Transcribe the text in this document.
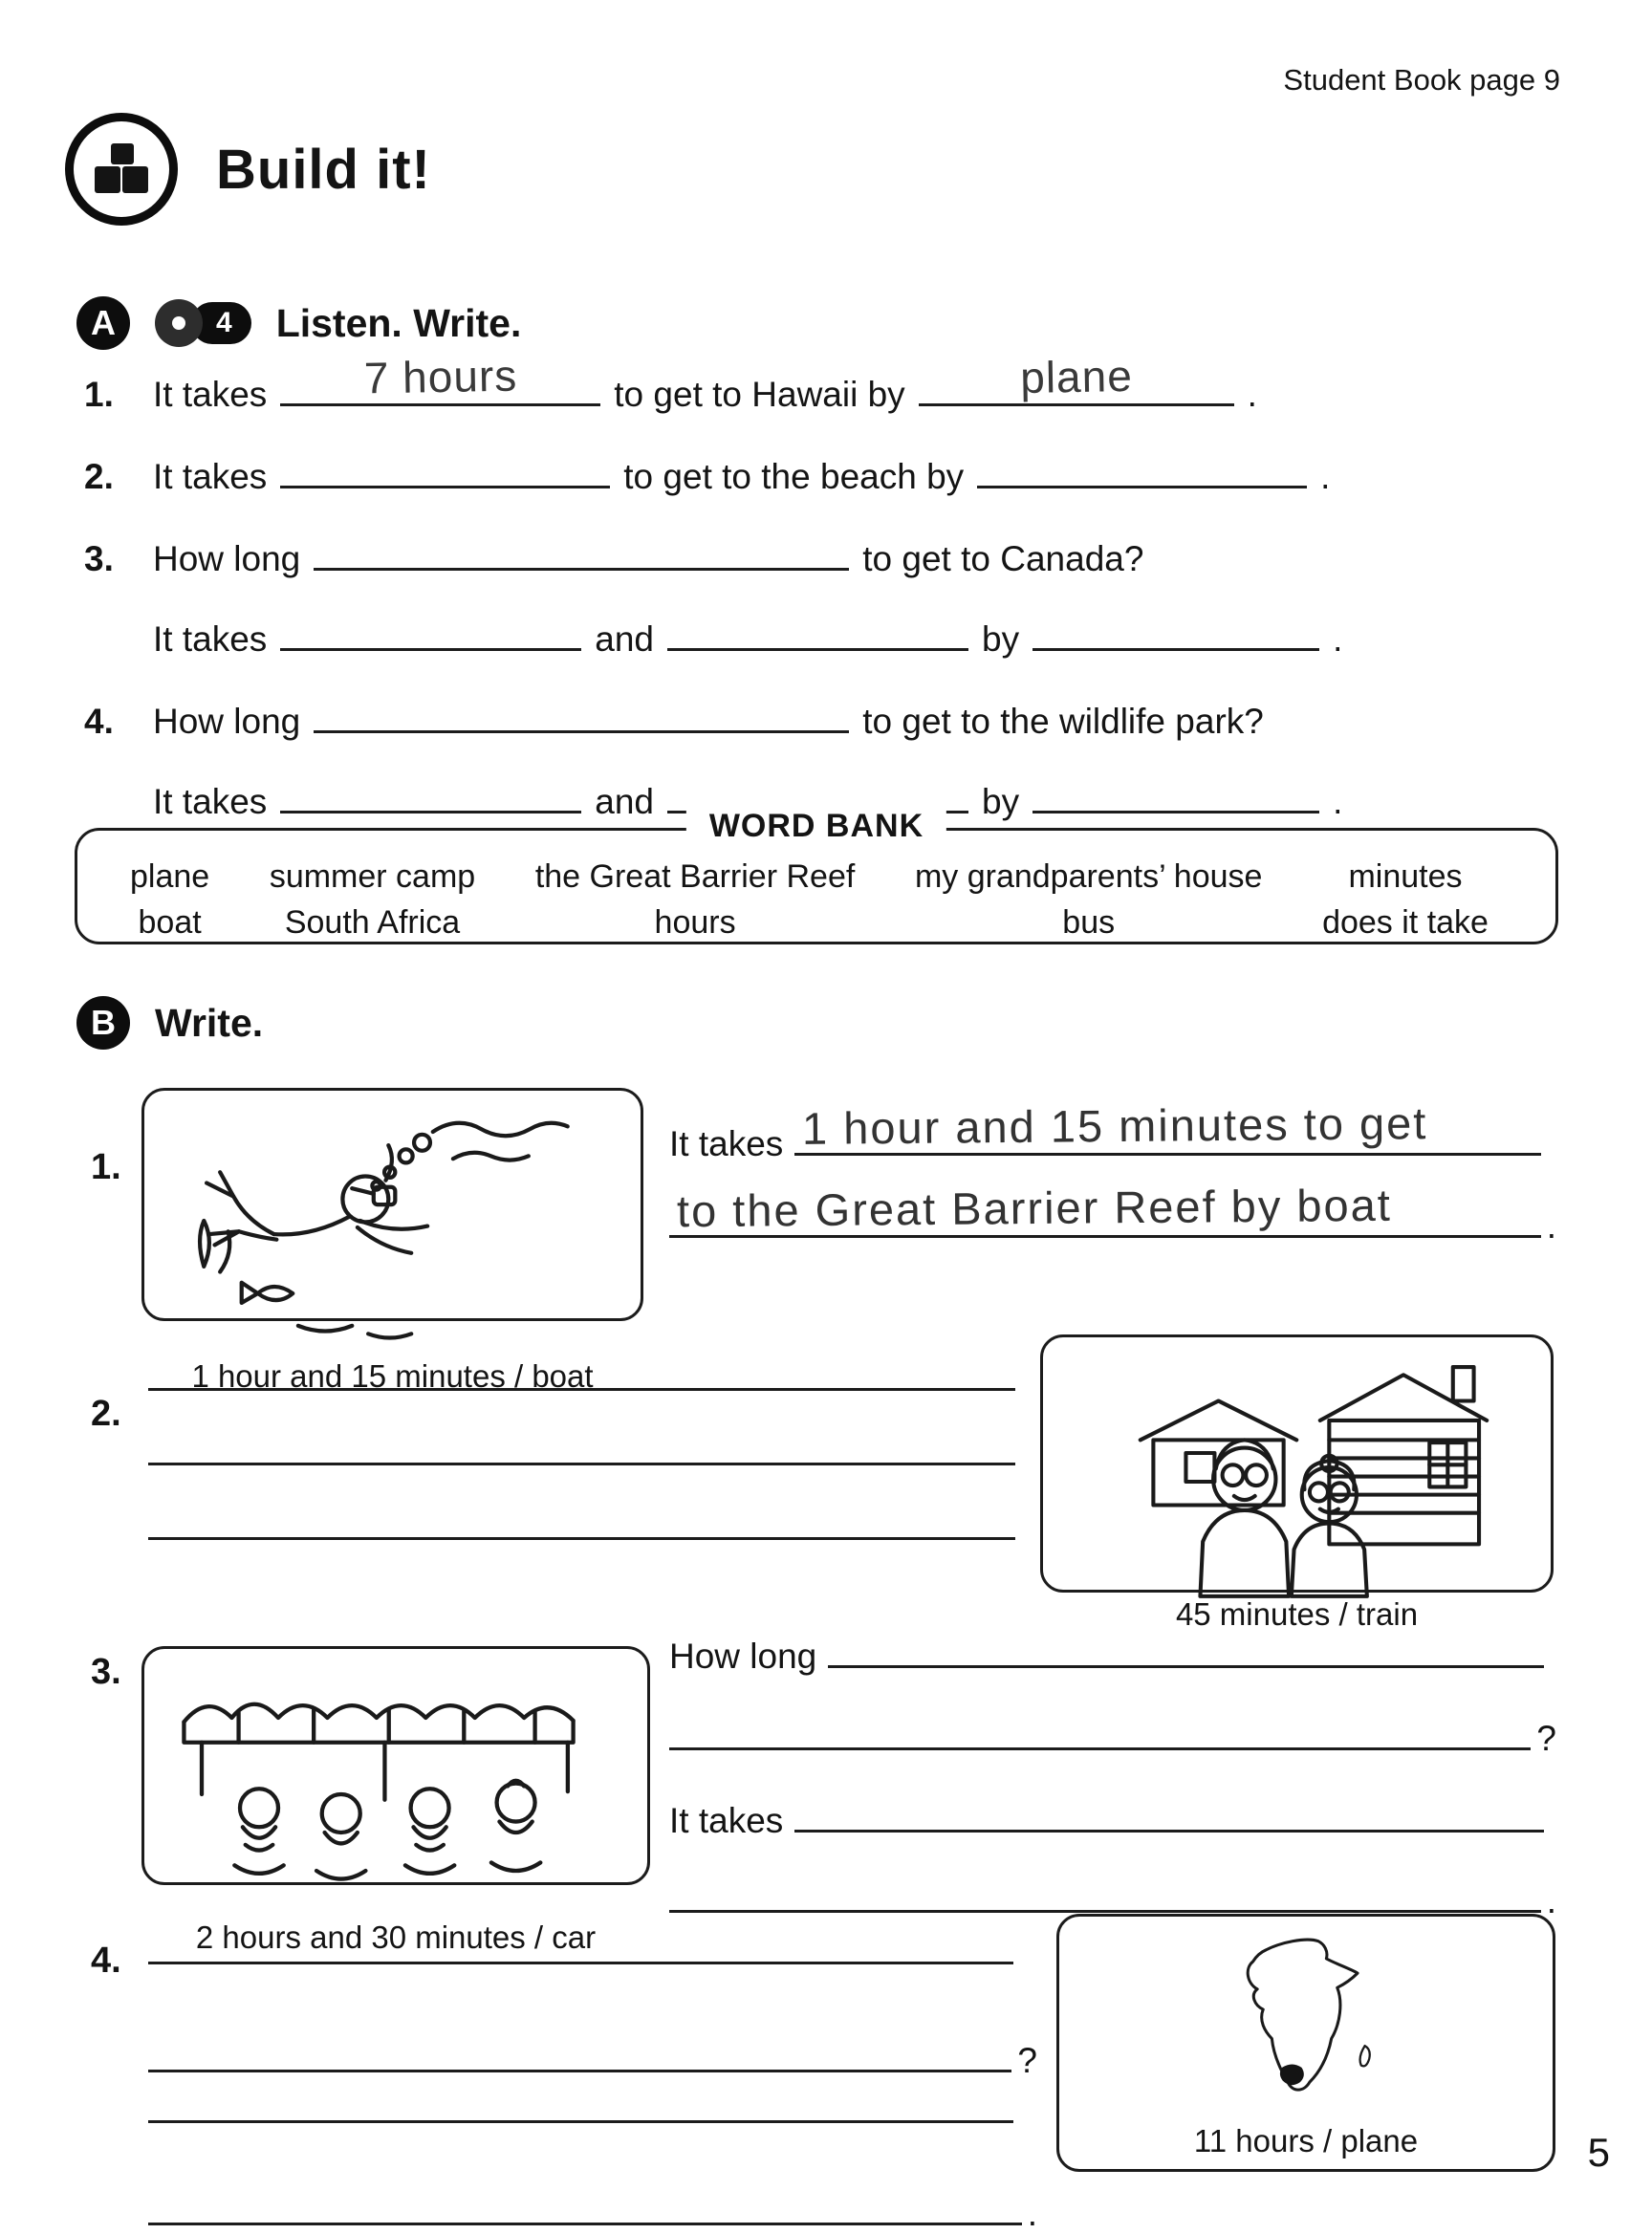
Student Book page 9
Build it!
A	4	Listen. Write.
1.	It takes 7 hours	to get to Hawaii by	plane	.
2.	It takes	to get to the beach by	.
3.	How long	to get to Canada?
It takes	and	by	.
4.	How long	to get to the wildlife park?
It takes	and	by	.
WORD BANK
plane
boat
summer camp
South Africa
the Great Barrier Reef
hours
my grandparents’ house
bus
minutes
does it take
B	Write.
1.
1 hour and 15 minutes / boat
It takes 1 hour and 15 minutes to get
to the Great Barrier Reef by boat	.
2.
45 minutes / train
3.
2 hours and 30 minutes / car
How long
?
It takes
.
4.
?
.
11 hours / plane	5
